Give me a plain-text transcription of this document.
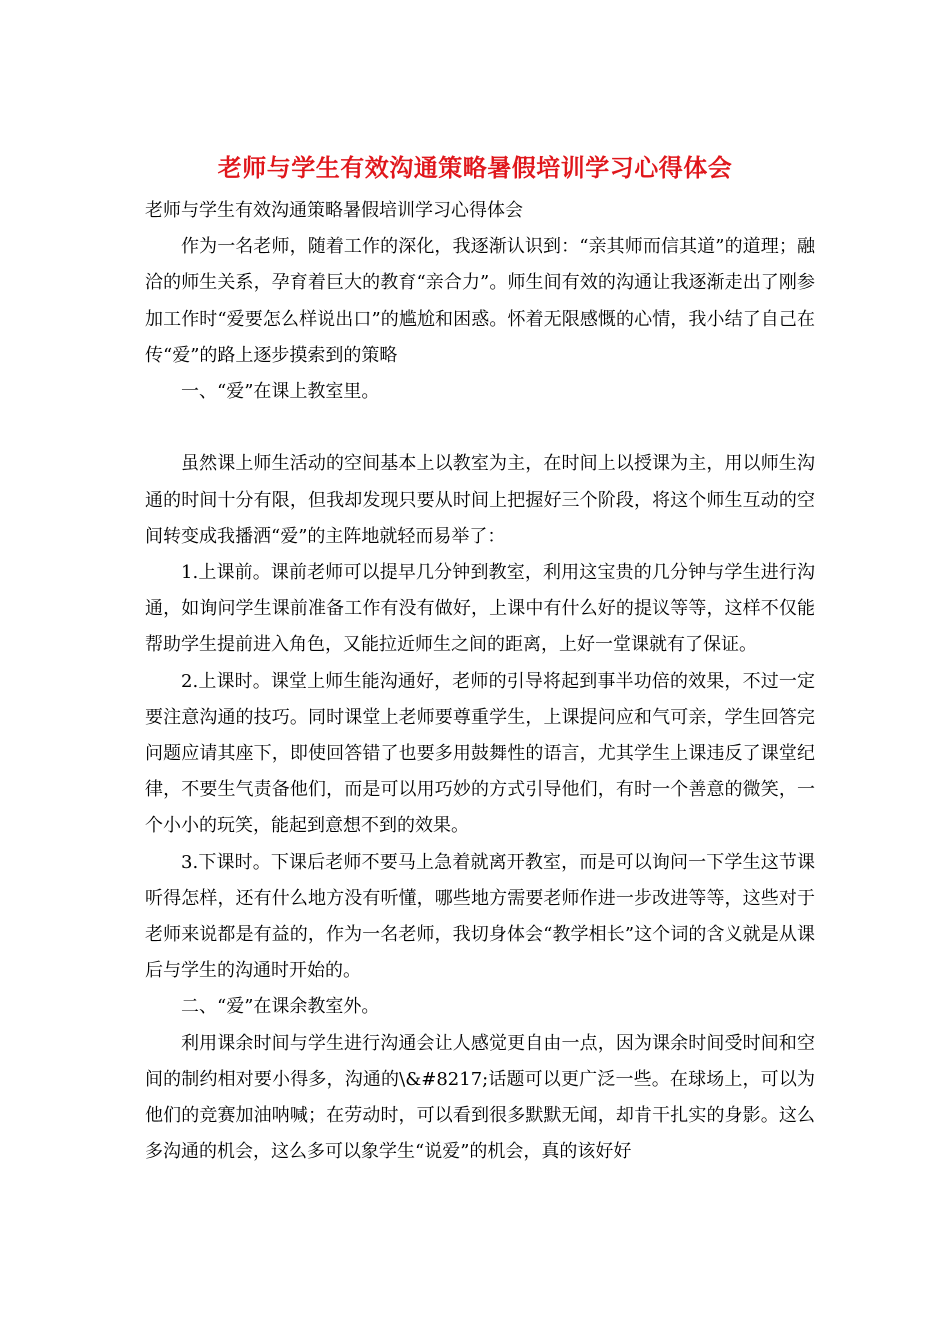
老师与学生有效沟通策略暑假培训学习心得体会

老师与学生有效沟通策略暑假培训学习心得体会

作为一名老师，随着工作的深化，我逐渐认识到：“亲其师而信其道”的道理；融洽的师生关系，孕育着巨大的教育“亲合力”。师生间有效的沟通让我逐渐走出了刚参加工作时“爱要怎么样说出口”的尴尬和困惑。怀着无限感慨的心情，我小结了自己在传“爱”的路上逐步摸索到的策略

一、“爱”在课上教室里。

虽然课上师生活动的空间基本上以教室为主，在时间上以授课为主，用以师生沟通的时间十分有限，但我却发现只要从时间上把握好三个阶段，将这个师生互动的空间转变成我播洒“爱”的主阵地就轻而易举了：

1.上课前。课前老师可以提早几分钟到教室，利用这宝贵的几分钟与学生进行沟通，如询问学生课前准备工作有没有做好，上课中有什么好的提议等等，这样不仅能帮助学生提前进入角色，又能拉近师生之间的距离，上好一堂课就有了保证。

2.上课时。课堂上师生能沟通好，老师的引导将起到事半功倍的效果，不过一定要注意沟通的技巧。同时课堂上老师要尊重学生，上课提问应和气可亲，学生回答完问题应请其座下，即使回答错了也要多用鼓舞性的语言，尤其学生上课违反了课堂纪律，不要生气责备他们，而是可以用巧妙的方式引导他们，有时一个善意的微笑，一个小小的玩笑，能起到意想不到的效果。

3.下课时。下课后老师不要马上急着就离开教室，而是可以询问一下学生这节课听得怎样，还有什么地方没有听懂，哪些地方需要老师作进一步改进等等，这些对于老师来说都是有益的，作为一名老师，我切身体会“教学相长”这个词的含义就是从课后与学生的沟通时开始的。

二、“爱”在课余教室外。

利用课余时间与学生进行沟通会让人感觉更自由一点，因为课余时间受时间和空间的制约相对要小得多，沟通的\&#8217;话题可以更广泛一些。在球场上，可以为他们的竞赛加油呐喊；在劳动时，可以看到很多默默无闻，却肯干扎实的身影。这么多沟通的机会，这么多可以象学生“说爱”的机会，真的该好好
